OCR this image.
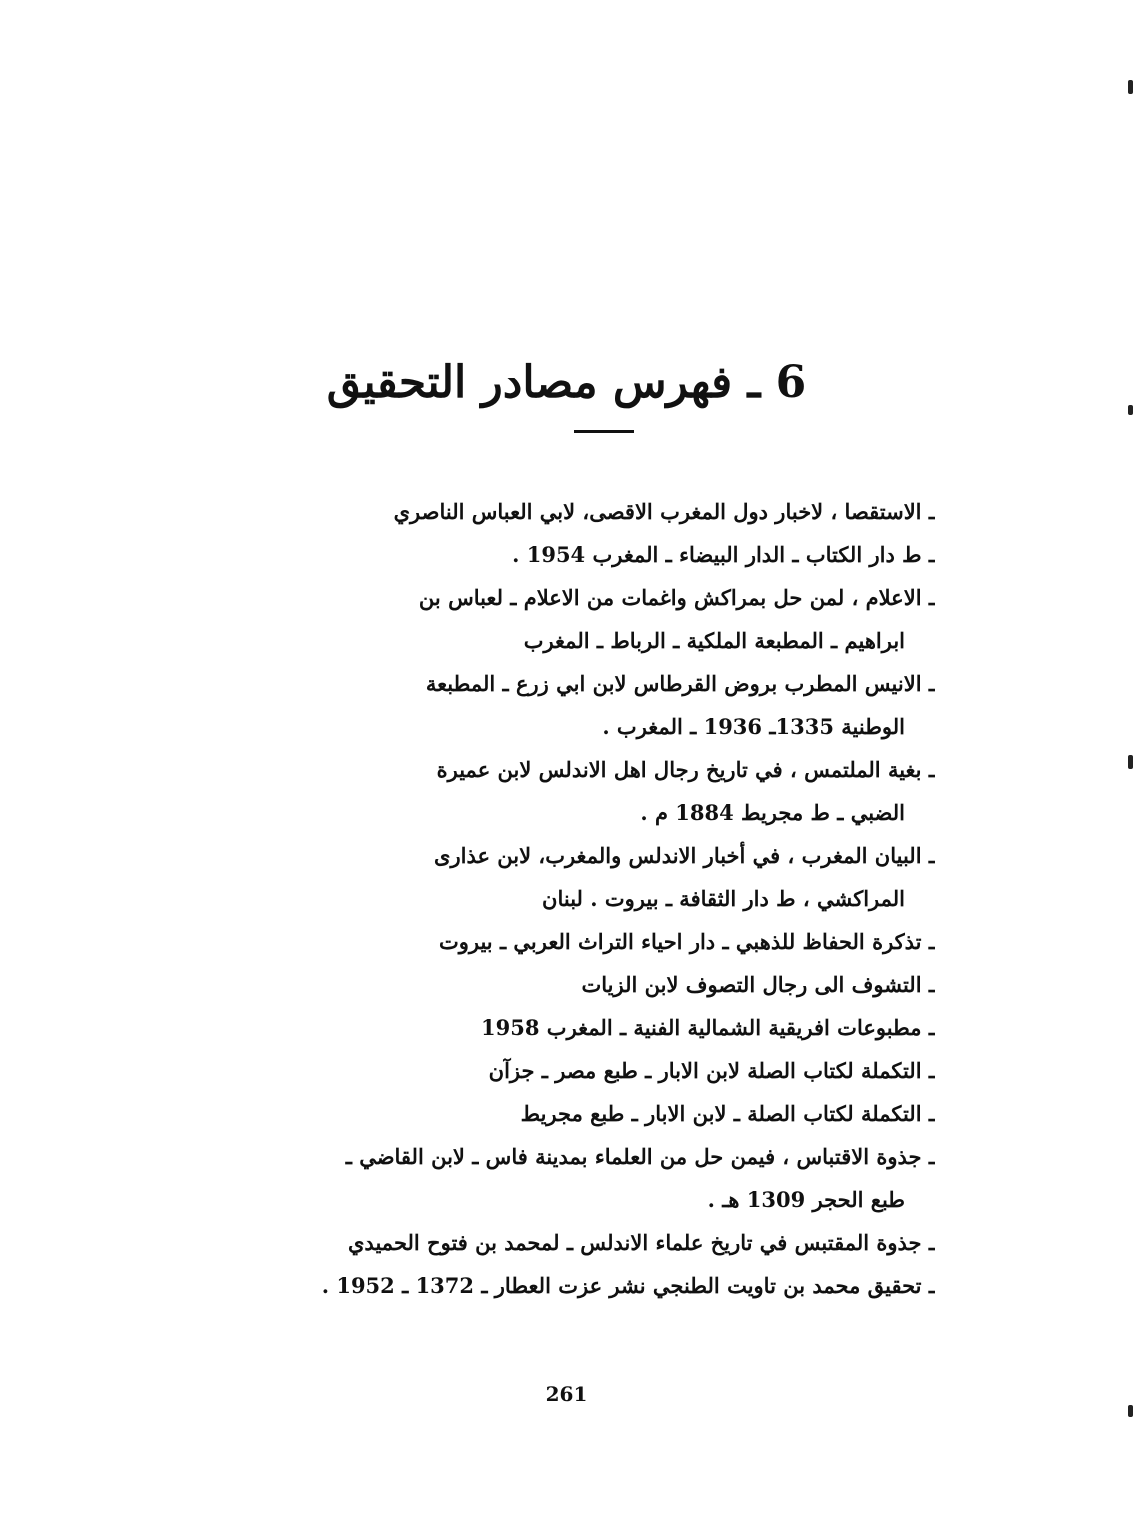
6 ـ فهرس مصادر التحقيق
ـ الاستقصا ، لاخبار دول المغرب الاقصى، لابي العباس الناصري
ـ ط دار الكتاب ـ الدار البيضاء ـ المغرب 1954 .
ـ الاعلام ، لمن حل بمراكش واغمات من الاعلام ـ لعباس بن
ابراهيم ـ المطبعة الملكية ـ الرباط ـ المغرب
ـ الانيس المطرب بروض القرطاس لابن ابي زرع ـ المطبعة
الوطنية 1335ـ 1936 ـ المغرب .
ـ بغية الملتمس ، في تاريخ رجال اهل الاندلس لابن عميرة
الضبي ـ ط مجريط 1884 م .
ـ البيان المغرب ، في أخبار الاندلس والمغرب، لابن عذارى
المراكشي ، ط دار الثقافة ـ بيروت . لبنان
ـ تذكرة الحفاظ للذهبي ـ دار احياء التراث العربي ـ بيروت
ـ التشوف الى رجال التصوف لابن الزيات
ـ مطبوعات افريقية الشمالية الفنية ـ المغرب 1958
ـ التكملة لكتاب الصلة لابن الابار ـ طبع مصر ـ جزآن
ـ التكملة لكتاب الصلة ـ لابن الابار ـ طبع مجريط
ـ جذوة الاقتباس ، فيمن حل من العلماء بمدينة فاس ـ لابن القاضي ـ
طبع الحجر 1309 هـ .
ـ جذوة المقتبس في تاريخ علماء الاندلس ـ لمحمد بن فتوح الحميدي
ـ تحقيق محمد بن تاويت الطنجي نشر عزت العطار ـ 1372 ـ 1952 .
261
